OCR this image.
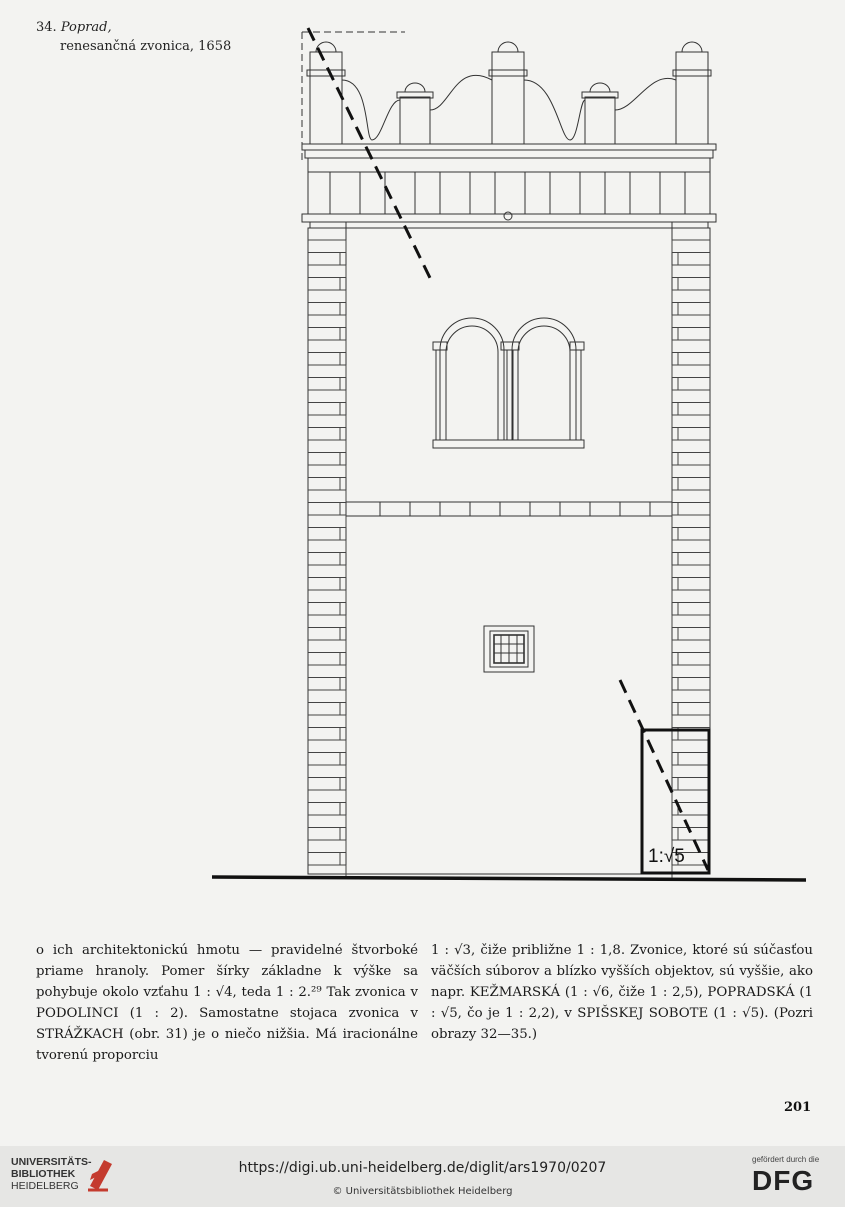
34. Poprad,
renesančná zvonica, 1658
1:√5
o ich architektonickú hmotu — pravidelné štvorboké priame hranoly. Pomer šírky základne k výške sa pohybuje okolo vzťahu 1 : √4, teda 1 : 2.²⁹ Tak zvonica v PODOLINCI (1 : 2). Samostatne stojaca zvonica v STRÁŽKACH (obr. 31) je o niečo nižšia. Má iracionálne tvorenú proporciu
1 : √3, čiže približne 1 : 1,8. Zvonice, ktoré sú súčasťou väčších súborov a blízko vyšších objektov, sú vyššie, ako napr. KEŽMARSKÁ (1 : √6, čiže 1 : 2,5), POPRADSKÁ (1 : √5, čo je 1 : 2,2), v SPIŠSKEJ SOBOTE (1 : √5). (Pozri obrazy 32—35.)
201
UNIVERSITÄTS-
BIBLIOTHEK
HEIDELBERG
https://digi.ub.uni-heidelberg.de/diglit/ars1970/0207
© Universitätsbibliothek Heidelberg
gefördert durch die
DFG
